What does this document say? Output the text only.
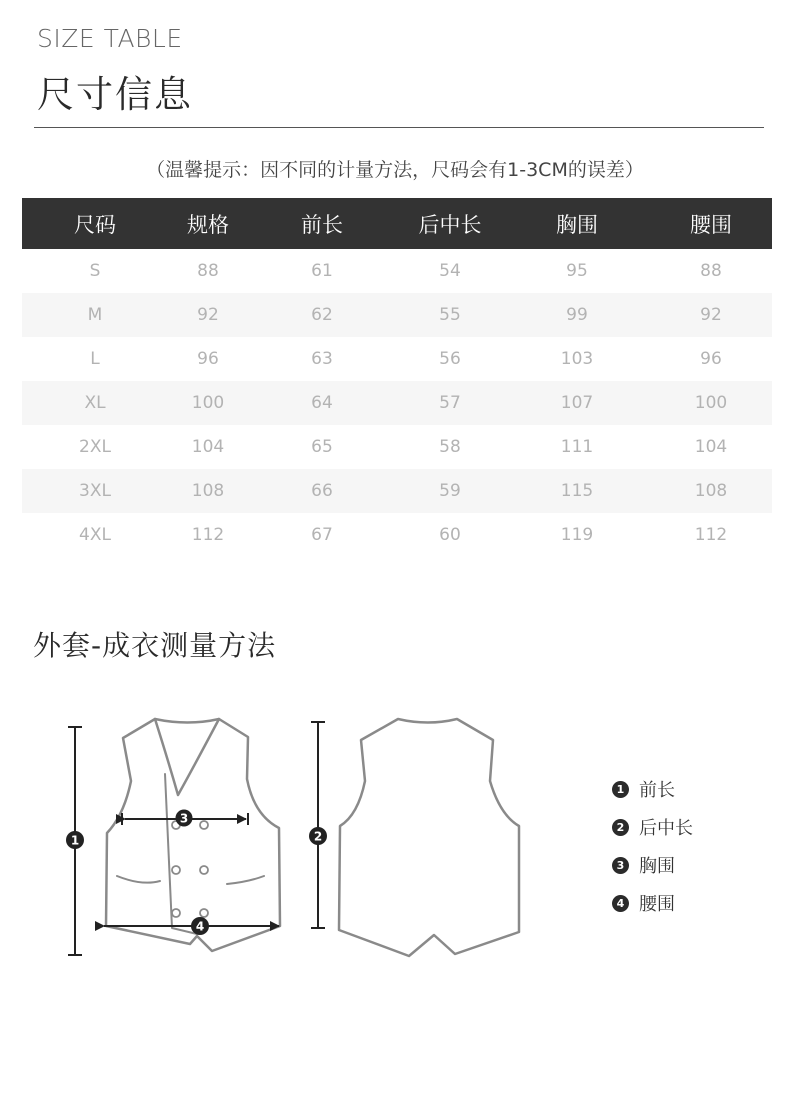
SIZE TABLE
尺寸信息
（温馨提示：因不同的计量方法，尺码会有1-3CM的误差）
尺码	规格	前长	后中长	胸围	腰围
S	88	61	54	95	88
M	92	62	55	99	92
L	96	63	56	103	96
XL	100	64	57	107	100
2XL	104	65	58	111	104
3XL	108	66	59	115	108
4XL	112	67	60	119	112
外套-成衣测量方法
1	2
3
4
1 前长
2 后中长
3 胸围
4 腰围
